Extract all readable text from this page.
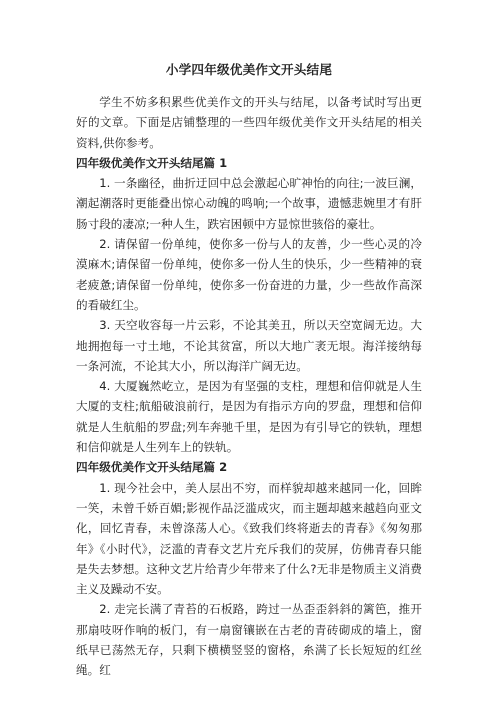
小学四年级优美作文开头结尾

学生不妨多积累些优美作文的开头与结尾，以备考试时写出更好的文章。下面是店铺整理的一些四年级优美作文开头结尾的相关资料,供你参考。

四年级优美作文开头结尾篇 1

1. 一条幽径，曲折迂回中总会激起心旷神怡的向往;一波巨澜，潮起潮落时更能叠出惊心动魄的鸣响;一个故事，遗憾悲婉里才有肝肠寸段的凄凉;一种人生，跌宕困顿中方显惊世骇俗的豪壮。

2. 请保留一份单纯，使你多一份与人的友善，少一些心灵的冷漠麻木;请保留一份单纯，使你多一份人生的快乐，少一些精神的衰老疲惫;请保留一份单纯，使你多一份奋进的力量，少一些故作高深的看破红尘。

3. 天空收容每一片云彩，不论其美丑，所以天空宽阔无边。大地拥抱每一寸土地，不论其贫富，所以大地广袤无垠。海洋接纳每一条河流，不论其大小，所以海洋广阔无边。

4. 大厦巍然屹立，是因为有坚强的支柱，理想和信仰就是人生大厦的支柱;航船破浪前行，是因为有指示方向的罗盘，理想和信仰就是人生航船的罗盘;列车奔驰千里，是因为有引导它的铁轨，理想和信仰就是人生列车上的铁轨。

四年级优美作文开头结尾篇 2

1. 现今社会中，美人层出不穷，而样貌却越来越同一化，回眸一笑，未曾千娇百媚;影视作品泛滥成灾，而主题却越来越趋向亚文化，回忆青春，未曾涤荡人心。《致我们终将逝去的青春》《匆匆那年》《小时代》，泛滥的青春文艺片充斥我们的荧屏，仿佛青春只能是失去梦想。这种文艺片给青少年带来了什么?无非是物质主义消费主义及躁动不安。

2. 走完长满了青苔的石板路，跨过一丛歪歪斜斜的篱笆，推开那扇吱呀作响的板门，有一扇窗镶嵌在古老的青砖砌成的墙上，窗纸早已荡然无存，只剩下横横竖竖的窗格，糸满了长长短短的红丝绳。红
